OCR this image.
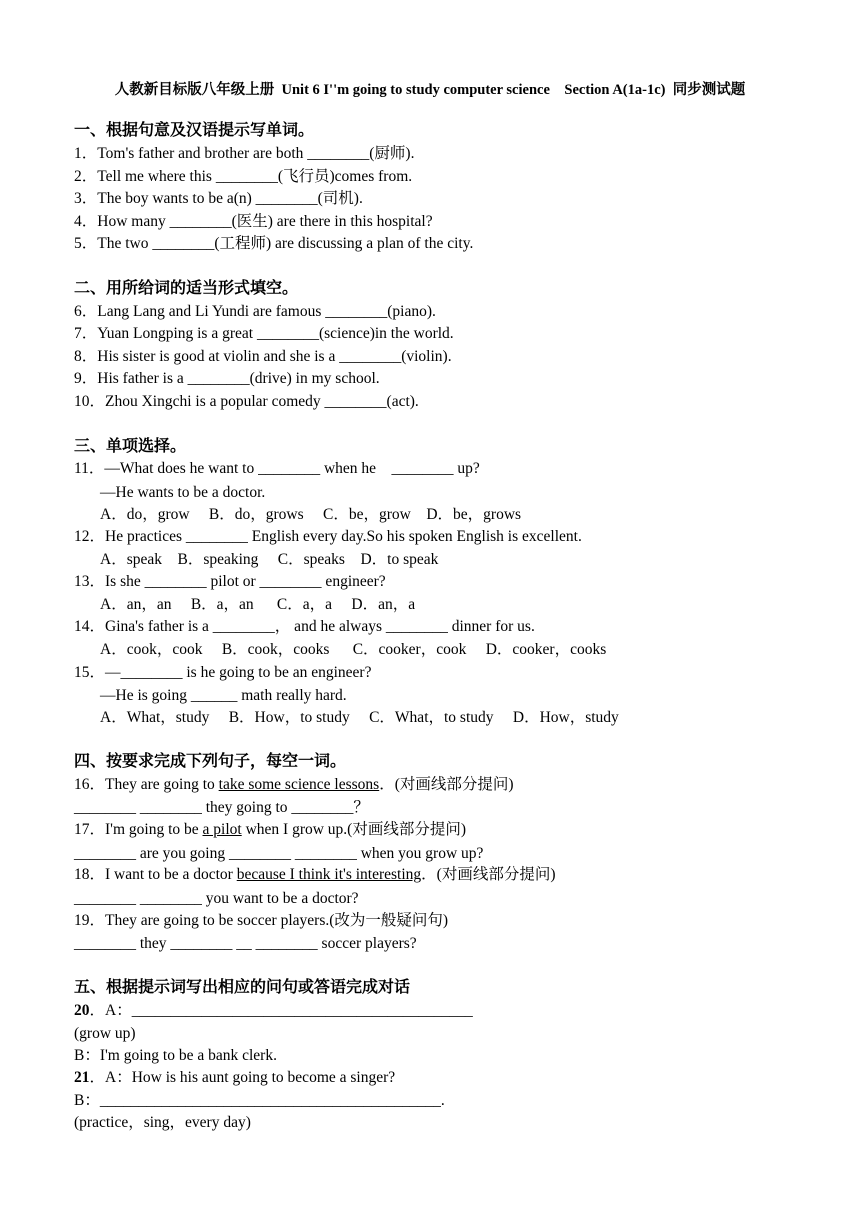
人教新目标版八年级上册  Unit 6 I''m going to study computer science    Section A(1a-1c)  同步测试题
一、根据句意及汉语提示写单词。
1．Tom's father and brother are both ________(厨师).
2．Tell me where this ________(飞行员)comes from.
3．The boy wants to be a(n) ________(司机).
4．How many ________(医生) are there in this hospital?
5．The two ________(工程师) are discussing a plan of the city.
二、用所给词的适当形式填空。
6．Lang Lang and Li Yundi are famous ________(piano).
7．Yuan Longping is a great ________(science)in the world.
8．His sister is good at violin and she is a ________(violin).
9．His father is a ________(drive) in my school.
10．Zhou Xingchi is a popular comedy ________(act).
三、单项选择。
11．—What does he want to ________ when he    ________ up?
—He wants to be a doctor.
A．do，grow     B．do，grows     C．be，grow    D．be，grows
12．He practices ________ English every day.So his spoken English is excellent.
A．speak    B．speaking     C．speaks    D．to speak
13．Is she ________ pilot or ________ engineer?
A．an，an     B．a，an      C．a，a     D．an，a
14．Gina's father is a ________， and he always ________ dinner for us.
A．cook，cook     B．cook，cooks      C．cooker，cook     D．cooker，cooks
15．—________ is he going to be an engineer?
—He is going ______ math really hard.
A．What，study     B．How，to study     C．What，to study     D．How，study
四、按要求完成下列句子，每空一词。
16．They are going to take some science lessons．(对画线部分提问)
________ ________ they going to ________？
17．I'm going to be a pilot when I grow up.(对画线部分提问)
________ are you going ________ ________ when you grow up?
18．I want to be a doctor because I think it's interesting．(对画线部分提问)
________ ________ you want to be a doctor?
19．They are going to be soccer players.(改为一般疑问句)
________ they ________ __ ________ soccer players?
五、根据提示词写出相应的问句或答语完成对话
20．A：____________________________________________
(grow up)
B：I'm going to be a bank clerk.
21．A：How is his aunt going to become a singer?
B：____________________________________________.
(practice，sing，every day)
